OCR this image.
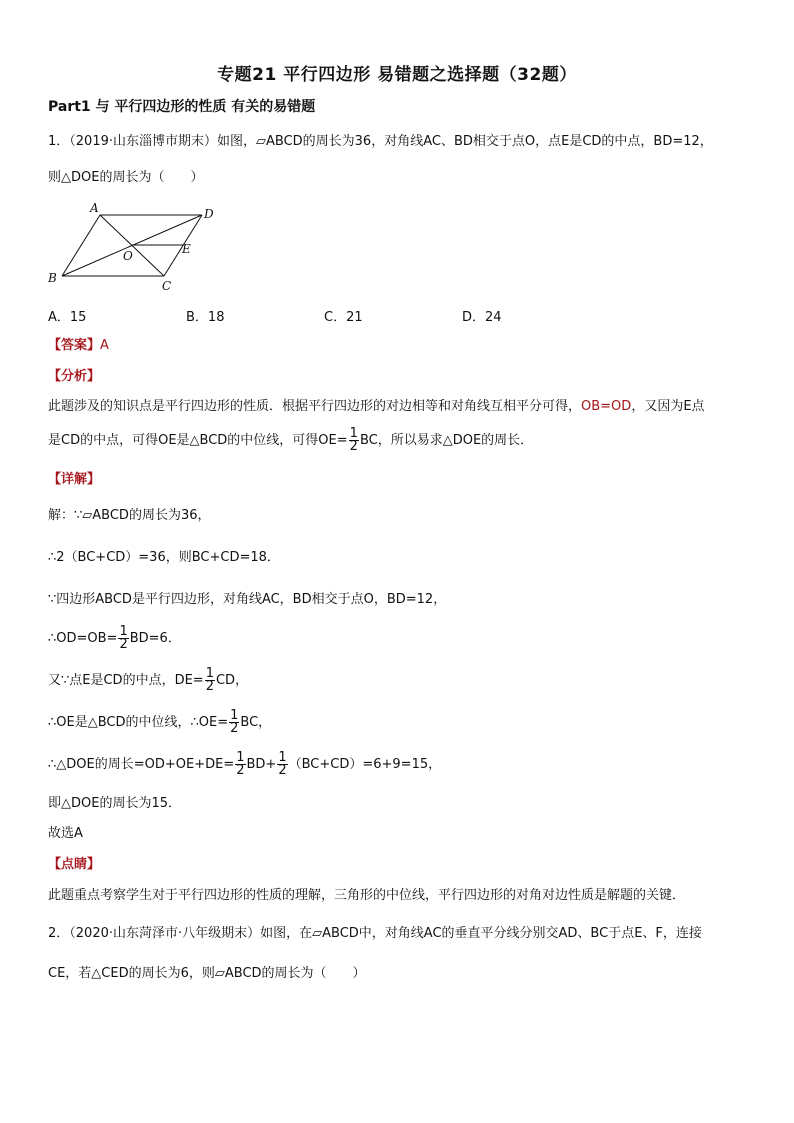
专题21 平行四边形 易错题之选择题（32题）
Part1 与 平行四边形的性质 有关的易错题
1．（2019·山东淄博市期末）如图，▱ABCD的周长为36，对角线AC、BD相交于点O，点E是CD的中点，BD=12，
则△DOE的周长为（　　）
A	D
B
C
E
O
A．15	B．18	C．21	D．24
【答案】A
【分析】
此题涉及的知识点是平行四边形的性质．根据平行四边形的对边相等和对角线互相平分可得，OB=OD，又因为E点
是CD的中点，可得OE是△BCD的中位线，可得$OE= \frac{1}{2}$ BC，所以易求△DOE的周长．
【详解】
解：∵▱ABCD的周长为36，
∴2（BC+CD）=36，则BC+CD=18．
∵四边形ABCD是平行四边形，对角线AC，BD相交于点O，BD=12，
∴OD=OB= $\frac{1}{2} BD=6$．
又∵点E是CD的中点，$DE= \frac{1}{2}$ CD，
∴OE是△BCD的中位线，∴OE= $\frac{1}{2}$ BC，
∴△DOE的周长$=OD+OE+DE= \frac{1}{2} BD+ \frac{1}{2} (BC+CD)=6+9=15$，
即△DOE的周长为15．
故选A
【点睛】
此题重点考察学生对于平行四边形的性质的理解，三角形的中位线，平行四边形的对角对边性质是解题的关键．
2．（2020·山东菏泽市·八年级期末）如图，在▱ABCD中，对角线AC的垂直平分线分别交AD、BC于点E、F，连接
CE，若△CED的周长为6，则▱ABCD的周长为（　　）
